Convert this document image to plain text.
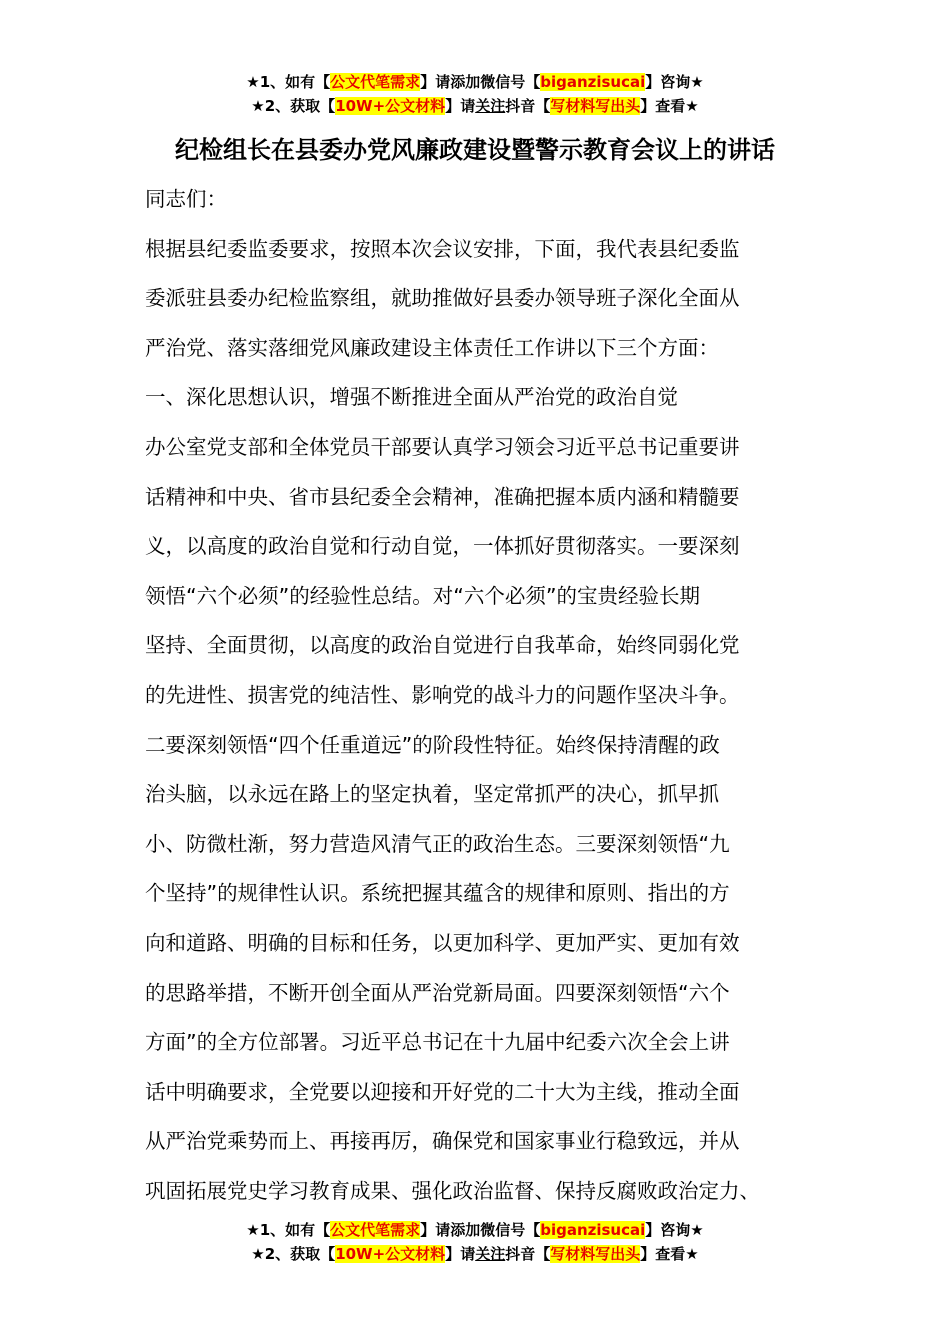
★1、如有【公文代笔需求】请添加微信号【biganzisucai】咨询★
★2、获取【10W+公文材料】请关注抖音【写材料写出头】查看★
纪检组长在县委办党风廉政建设暨警示教育会议上的讲话
同志们：
根据县纪委监委要求，按照本次会议安排，下面，我代表县纪委监
委派驻县委办纪检监察组，就助推做好县委办领导班子深化全面从
严治党、落实落细党风廉政建设主体责任工作讲以下三个方面：
一、深化思想认识，增强不断推进全面从严治党的政治自觉
办公室党支部和全体党员干部要认真学习领会习近平总书记重要讲
话精神和中央、省市县纪委全会精神，准确把握本质内涵和精髓要
义，以高度的政治自觉和行动自觉，一体抓好贯彻落实。一要深刻
领悟“六个必须”的经验性总结。对“六个必须”的宝贵经验长期
坚持、全面贯彻，以高度的政治自觉进行自我革命，始终同弱化党
的先进性、损害党的纯洁性、影响党的战斗力的问题作坚决斗争。
二要深刻领悟“四个任重道远”的阶段性特征。始终保持清醒的政
治头脑，以永远在路上的坚定执着，坚定常抓严的决心，抓早抓
小、防微杜渐，努力营造风清气正的政治生态。三要深刻领悟“九
个坚持”的规律性认识。系统把握其蕴含的规律和原则、指出的方
向和道路、明确的目标和任务，以更加科学、更加严实、更加有效
的思路举措，不断开创全面从严治党新局面。四要深刻领悟“六个
方面”的全方位部署。习近平总书记在十九届中纪委六次全会上讲
话中明确要求，全党要以迎接和开好党的二十大为主线，推动全面
从严治党乘势而上、再接再厉，确保党和国家事业行稳致远，并从
巩固拓展党史学习教育成果、强化政治监督、保持反腐败政治定力、
★1、如有【公文代笔需求】请添加微信号【biganzisucai】咨询★
★2、获取【10W+公文材料】请关注抖音【写材料写出头】查看★
